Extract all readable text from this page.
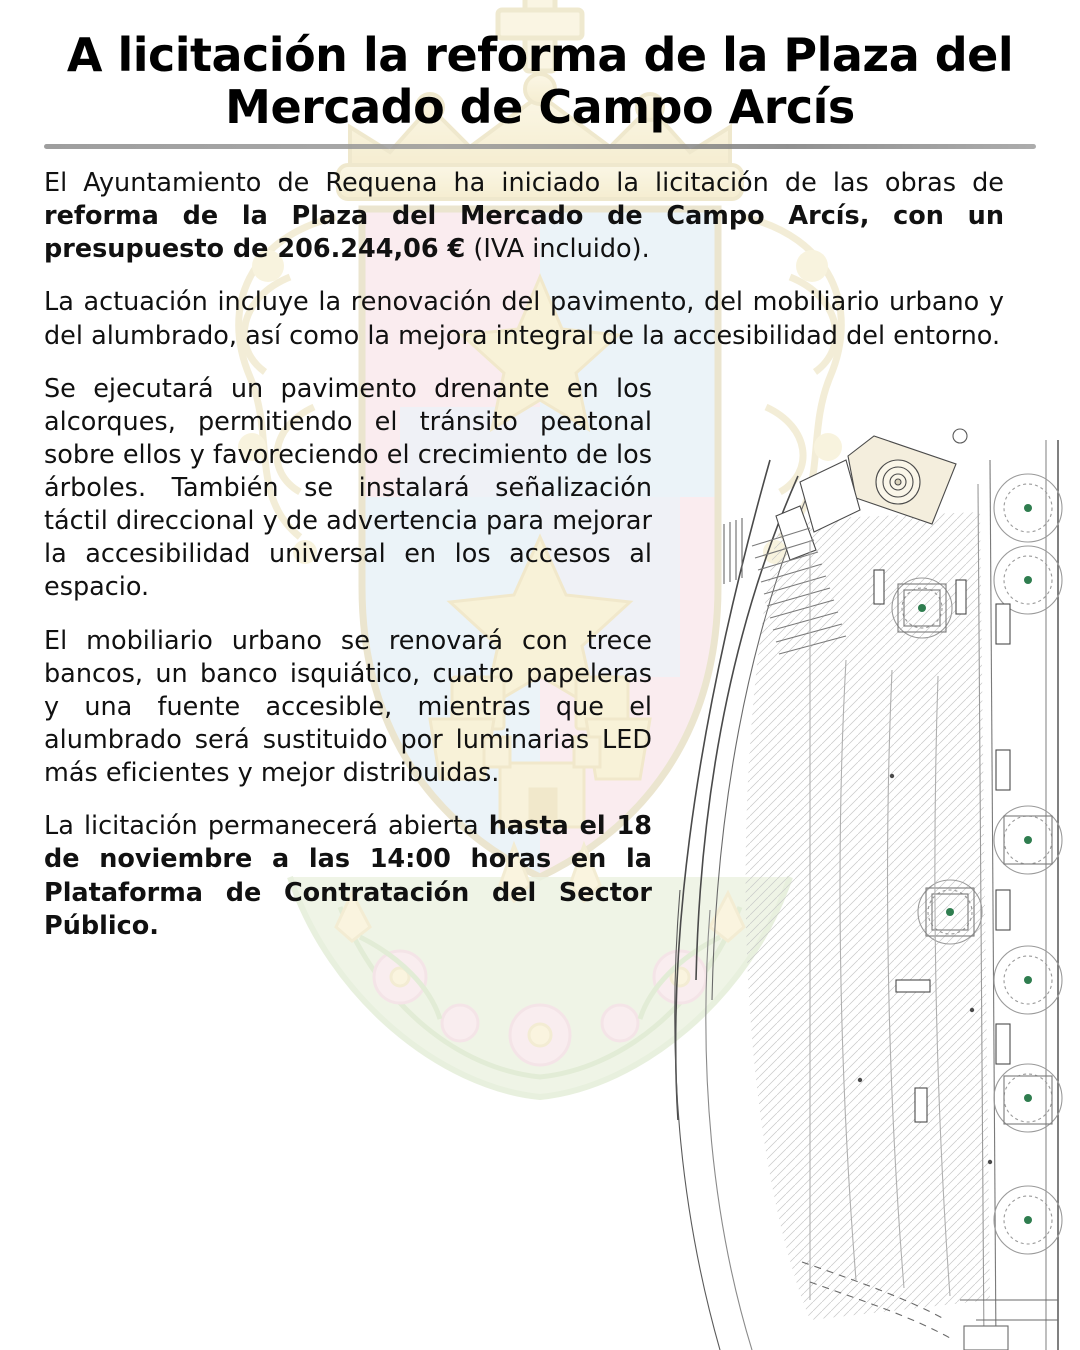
A licitación la reforma de la Plaza del Mercado de Campo Arcís

El Ayuntamiento de Requena ha iniciado la licitación de las obras de reforma de la Plaza del Mercado de Campo Arcís, con un presupuesto de 206.244,06 € (IVA incluido).

La actuación incluye la renovación del pavimento, del mobiliario urbano y del alumbrado, así como la mejora integral de la accesibilidad del entorno.

Se ejecutará un pavimento drenante en los alcorques, permitiendo el tránsito peatonal sobre ellos y favoreciendo el crecimiento de los árboles. También se instalará señalización táctil direccional y de advertencia para mejorar la accesibilidad universal en los accesos al espacio.

El mobiliario urbano se renovará con trece bancos, un banco isquiático, cuatro papeleras y una fuente accesible, mientras que el alumbrado será sustituido por luminarias LED más eficientes y mejor distribuidas.

La licitación permanecerá abierta hasta el 18 de noviembre a las 14:00 horas en la Plataforma de Contratación del Sector Público.
